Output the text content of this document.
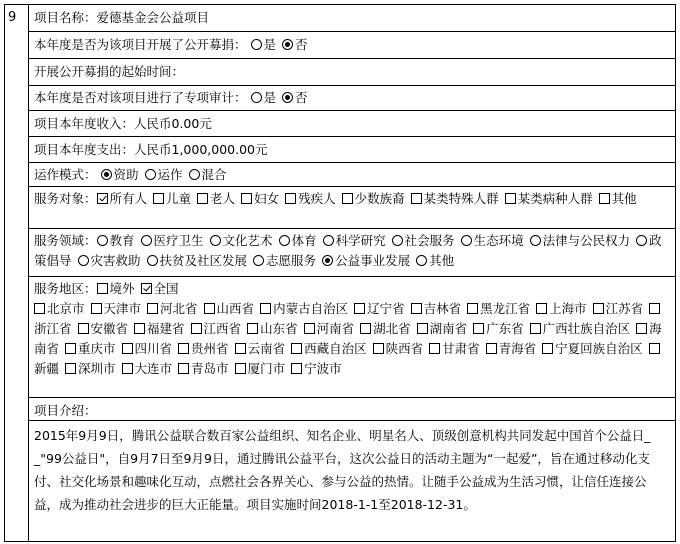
9	项目名称：爱德基金会公益项目
本年度是否为该项目开展了公开募捐： 是 否
开展公开募捐的起始时间：
本年度是否对该项目进行了专项审计： 是 否
项目本年度收入：人民币0.00元
项目本年度支出：人民币1,000,000.00元
运作模式： 资助 运作 混合
服务对象： 所有人 儿童 老人 妇女 残疾人 少数族裔 某类特殊人群 某类病种人群 其他
服务领域： 教育 医疗卫生 文化艺术 体育 科学研究 社会服务 生态环境 法律与公民权力 政策倡导 灾害救助 扶贫及社区发展 志愿服务 公益事业发展 其他
服务地区： 境外 全国
北京市 天津市 河北省 山西省 内蒙古自治区 辽宁省 吉林省 黑龙江省 上海市 江苏省浙江省 安徽省 福建省 江西省 山东省 河南省 湖北省 湖南省 广东省 广西壮族自治区 海南省 重庆市 四川省 贵州省 云南省 西藏自治区 陕西省 甘肃省 青海省 宁夏回族自治区新疆 深圳市 大连市 青岛市 厦门市 宁波市
项目介绍：
2015年9月9日，腾讯公益联合数百家公益组织、知名企业、明星名人、顶级创意机构共同发起中国首个公益日__"99公益日"，自9月7日至9月9日，通过腾讯公益平台，这次公益日的活动主题为“一起爱”，旨在通过移动化支付、社交化场景和趣味化互动，点燃社会各界关心、参与公益的热情。让随手公益成为生活习惯，让信任连接公益，成为推动社会进步的巨大正能量。项目实施时间2018-1-1至2018-12-31。
